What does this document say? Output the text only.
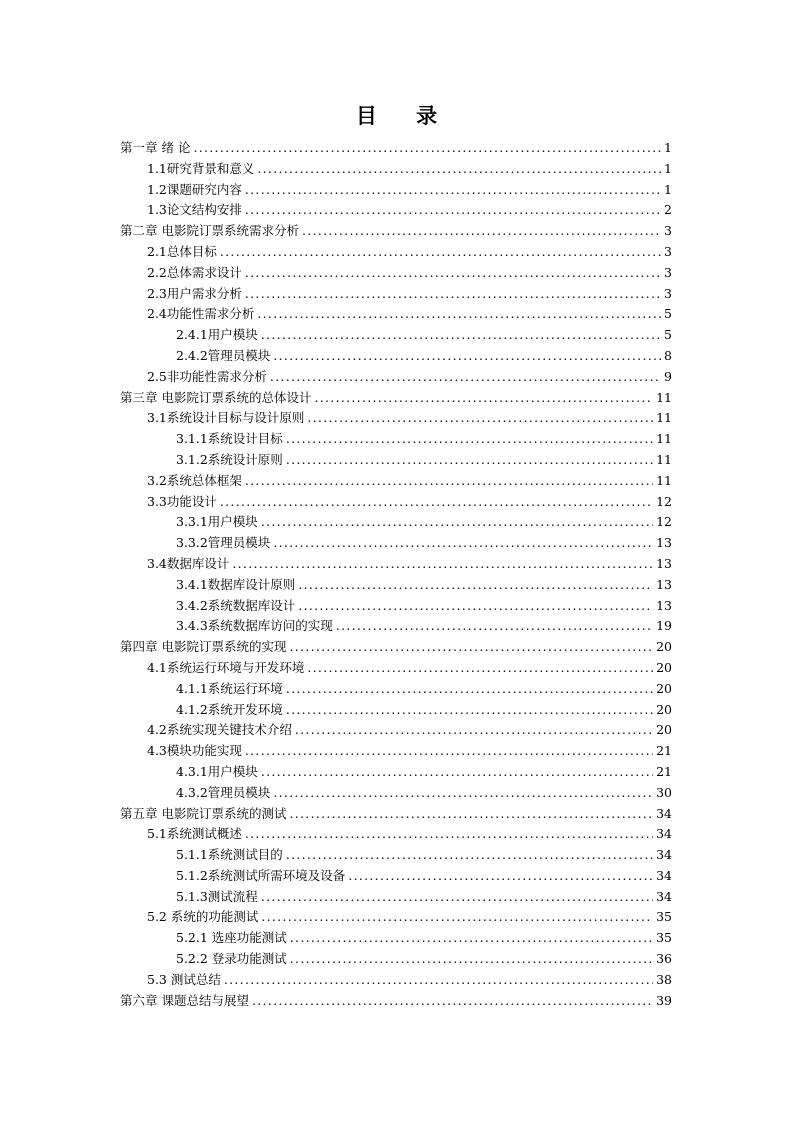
目 录
第一章 绪 论 .....	1
1.1研究背景和意义 .....	1
1.2课题研究内容 .....	1
1.3论文结构安排 .....	2
第二章 电影院订票系统需求分析 .....	3
2.1总体目标 .....	3
2.2总体需求设计 .....	3
2.3用户需求分析 .....	3
2.4功能性需求分析 .....	5
2.4.1用户模块 .....	5
2.4.2管理员模块 .....	8
2.5非功能性需求分析 .....	9
第三章 电影院订票系统的总体设计 .....	11
3.1系统设计目标与设计原则 .....	11
3.1.1系统设计目标 .....	11
3.1.2系统设计原则 .....	11
3.2系统总体框架 .....	11
3.3功能设计 .....	12
3.3.1用户模块 .....	12
3.3.2管理员模块 .....	13
3.4数据库设计 .....	13
3.4.1数据库设计原则 .....	13
3.4.2系统数据库设计 .....	13
3.4.3系统数据库访问的实现 .....	19
第四章 电影院订票系统的实现 .....	20
4.1系统运行环境与开发环境 .....	20
4.1.1系统运行环境 .....	20
4.1.2系统开发环境 .....	20
4.2系统实现关键技术介绍 .....	20
4.3模块功能实现 .....	21
4.3.1用户模块 .....	21
4.3.2管理员模块 .....	30
第五章 电影院订票系统的测试 .....	34
5.1系统测试概述 .....	34
5.1.1系统测试目的 .....	34
5.1.2系统测试所需环境及设备 .....	34
5.1.3测试流程 .....	34
5.2 系统的功能测试 .....	35
5.2.1 选座功能测试 .....	35
5.2.2 登录功能测试 .....	36
5.3 测试总结 .....	38
第六章 课题总结与展望 .....	39
